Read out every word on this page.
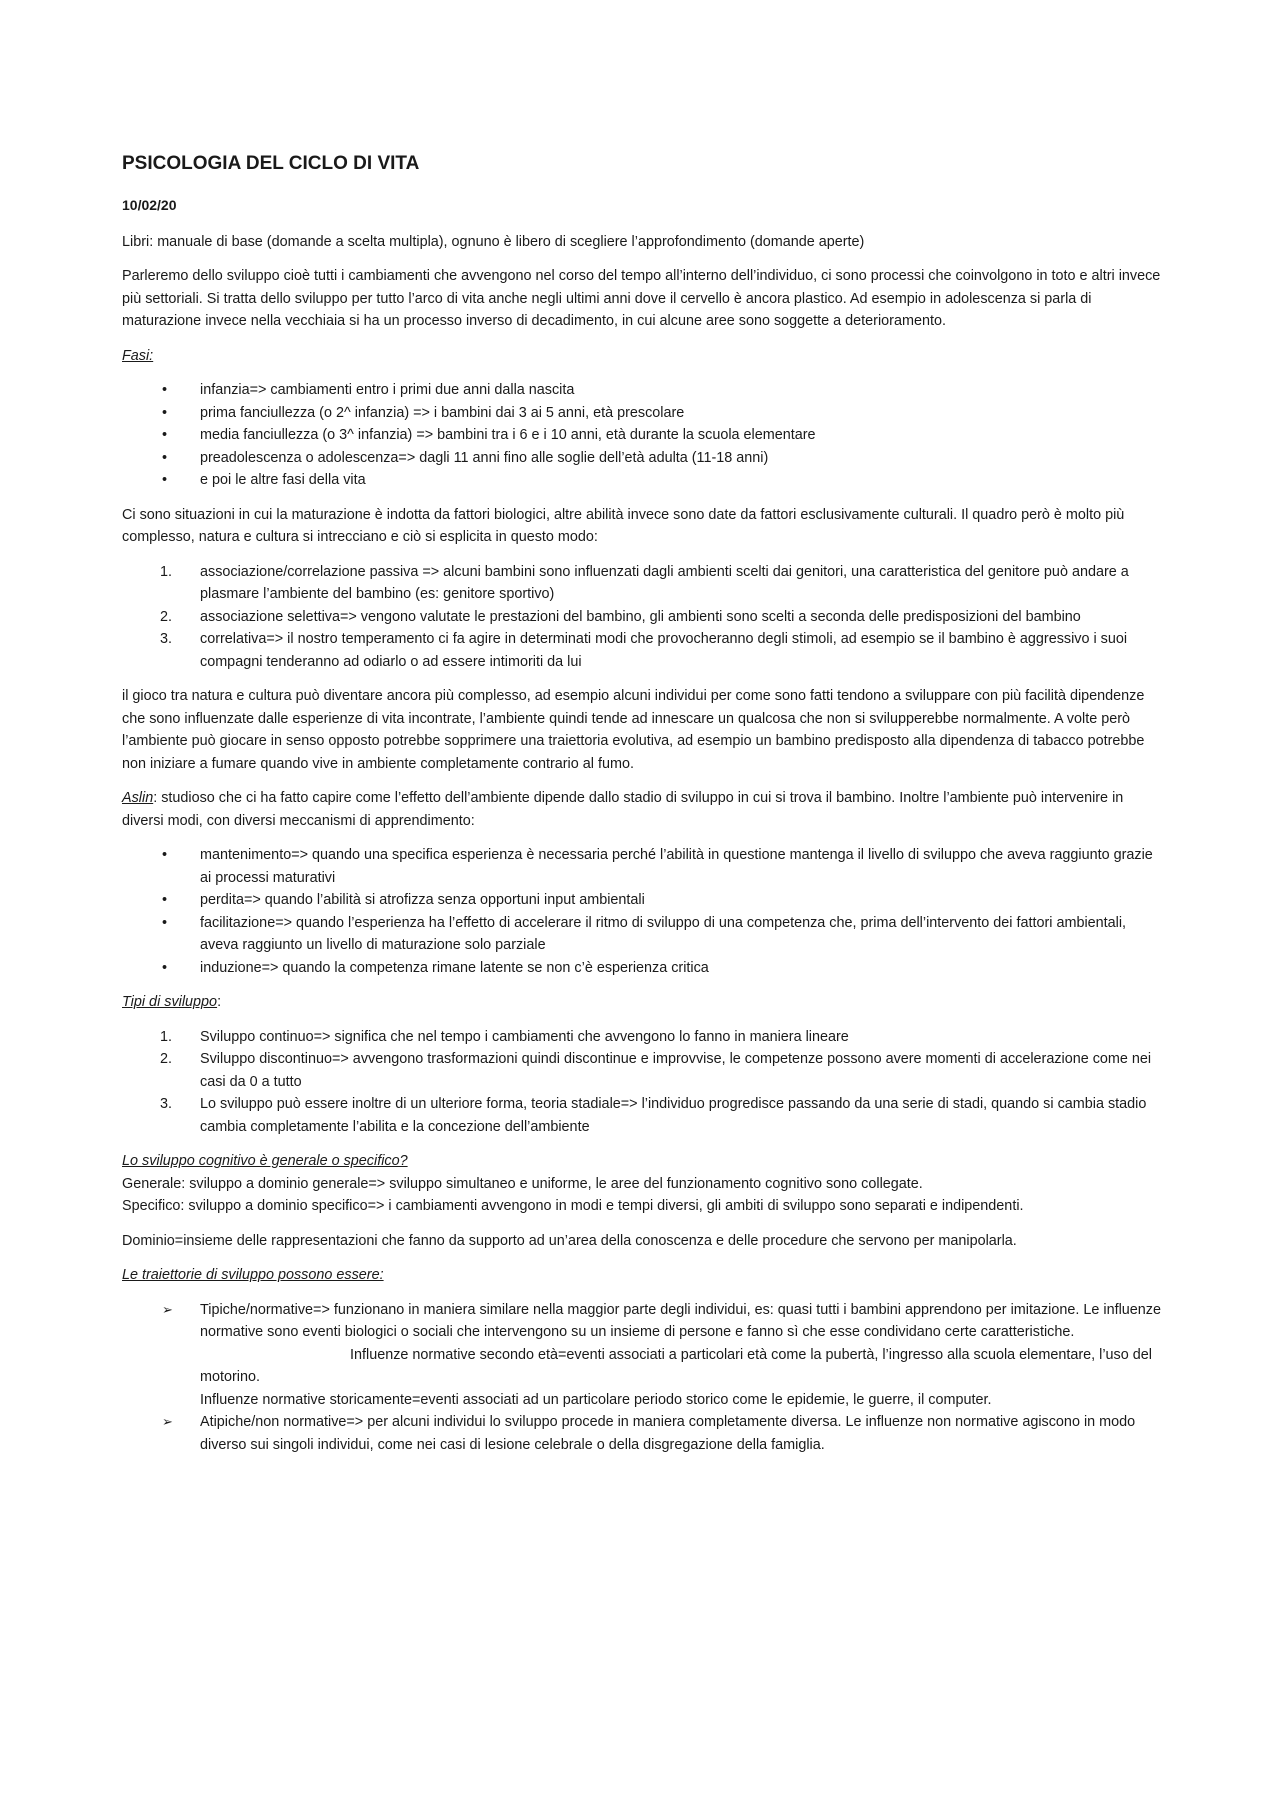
PSICOLOGIA DEL CICLO DI VITA
10/02/20

Libri: manuale di base (domande a scelta multipla), ognuno è libero di scegliere l’approfondimento (domande aperte)

Parleremo dello sviluppo cioè tutti i cambiamenti che avvengono nel corso del tempo all’interno dell’individuo, ci sono processi che coinvolgono in toto e altri invece più settoriali. Si tratta dello sviluppo per tutto l’arco di vita anche negli ultimi anni dove il cervello è ancora plastico. Ad esempio in adolescenza si parla di maturazione invece nella vecchiaia si ha un processo inverso di decadimento, in cui alcune aree sono soggette a deterioramento.

Fasi:
• infanzia=> cambiamenti entro i primi due anni dalla nascita
• prima fanciullezza (o 2^ infanzia) => i bambini dai 3 ai 5 anni, età prescolare
• media fanciullezza (o 3^ infanzia) => bambini tra i 6 e i 10 anni, età durante la scuola elementare
• preadolescenza o adolescenza=> dagli 11 anni fino alle soglie dell’età adulta (11-18 anni)
• e poi le altre fasi della vita

Ci sono situazioni in cui la maturazione è indotta da fattori biologici, altre abilità invece sono date da fattori esclusivamente culturali. Il quadro però è molto più complesso, natura e cultura si intrecciano e ciò si esplicita in questo modo:

1. associazione/correlazione passiva => alcuni bambini sono influenzati dagli ambienti scelti dai genitori, una caratteristica del genitore può andare a plasmare l’ambiente del bambino (es: genitore sportivo)
2. associazione selettiva=> vengono valutate le prestazioni del bambino, gli ambienti sono scelti a seconda delle predisposizioni del bambino
3. correlativa=> il nostro temperamento ci fa agire in determinati modi che provocheranno degli stimoli, ad esempio se il bambino è aggressivo i suoi compagni tenderanno ad odiarlo o ad essere intimoriti da lui

il gioco tra natura e cultura può diventare ancora più complesso, ad esempio alcuni individui per come sono fatti tendono a svilupparе con più facilità dipendenze che sono influenzate dalle esperienze di vita incontrate, l’ambiente quindi tende ad innescare un qualcosa che non si svilupperebbe normalmente. A volte però l’ambiente può giocare in senso opposto potrebbe sopprimere una traiettoria evolutiva, ad esempio un bambino predisposto alla dipendenza di tabacco potrebbe non iniziare a fumare quando vive in ambiente completamente contrario al fumo.

Aslin: studioso che ci ha fatto capire come l’effetto dell’ambiente dipende dallo stadio di sviluppo in cui si trova il bambino. Inoltre l’ambiente può intervenire in diversi modi, con diversi meccanismi di apprendimento:

• mantenimento=> quando una specifica esperienza è necessaria perché l’abilità in questione mantenga il livello di sviluppo che aveva raggiunto grazie ai processi maturativi
• perdita=> quando l’abilità si atrofizza senza opportuni input ambientali
• facilitazione=> quando l’esperienza ha l’effetto di accelerare il ritmo di sviluppo di una competenza che, prima dell’intervento dei fattori ambientali, aveva raggiunto un livello di maturazione solo parziale
• induzione=> quando la competenza rimane latente se non c’è esperienza critica
Tipi di sviluppo:
1. Sviluppo continuo=> significa che nel tempo i cambiamenti che avvengono lo fanno in maniera lineare
2. Sviluppo discontinuo=> avvengono trasformazioni quindi discontinue e improvvise, le competenze possono avere momenti di accelerazione come nei casi da 0 a tutto
3. Lo sviluppo può essere inoltre di un ulteriore forma, teoria stadiale=> l’individuo progredisce passando da una serie di stadi, quando si cambia stadio cambia completamente l’abilita e la concezione dell’ambiente

Lo sviluppo cognitivo è generale o specifico?
Generale: sviluppo a dominio generale=> sviluppo simultaneo e uniforme, le aree del funzionamento cognitivo sono collegate.
Specifico: sviluppo a dominio specifico=> i cambiamenti avvengono in modi e tempi diversi, gli ambiti di sviluppo sono separati e indipendenti.

Dominio=insieme delle rappresentazioni che fanno da supporto ad un’area della conoscenza e delle procedure che servono per manipolarla.

Le traiettorie di sviluppo possono essere:
➢ Tipiche/normative=> funzionano in maniera similare nella maggior parte degli individui, es: quasi tutti i bambini apprendono per imitazione. Le influenze normative sono eventi biologici o sociali che intervengono su un insieme di persone e fanno sì che esse condividano certe caratteristiche.Influenze normative secondo età=eventi associati a particolari età come la pubertà, l’ingresso alla scuola elementare, l’uso del motorino.
Influenze normative storicamente=eventi associati ad un particolare periodo storico come le epidemie, le guerre, il computer.
➢ Atipiche/non normative=> per alcuni individui lo sviluppo procede in maniera completamente diversa. Le influenze non normative agiscono in modo diverso sui singoli individui, come nei casi di lesione celebrale o della disgregazione della famiglia.
